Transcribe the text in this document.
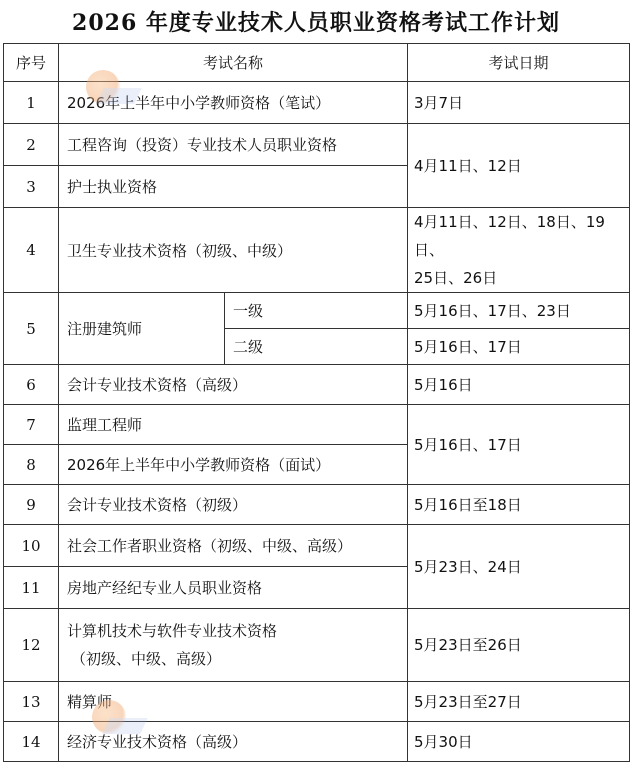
2026 年度专业技术人员职业资格考试工作计划
序号	考试名称		考试日期
1	2026年上半年中小学教师资格（笔试）		3月7日
2	工程咨询（投资）专业技术人员职业资格		4月11日、12日
3	护士执业资格		
4	卫生专业技术资格（初级、中级）		4月11日、12日、18日、19日、
25日、26日

5	注册建筑师	一级	5月16日、17日、23日
		二级	5月16日、17日
6	会计专业技术资格（高级）		5月16日
7	监理工程师		5月16日、17日
8	2026年上半年中小学教师资格（面试）		
9	会计专业技术资格（初级）		5月16日至18日
10	社会工作者职业资格（初级、中级、高级）		5月23日、24日
11	房地产经纪专业人员职业资格		
12	计算机技术与软件专业技术资格
（初级、中级、高级）		5月23日至26日
13	精算师		5月23日至27日
14	经济专业技术资格（高级）		5月30日
